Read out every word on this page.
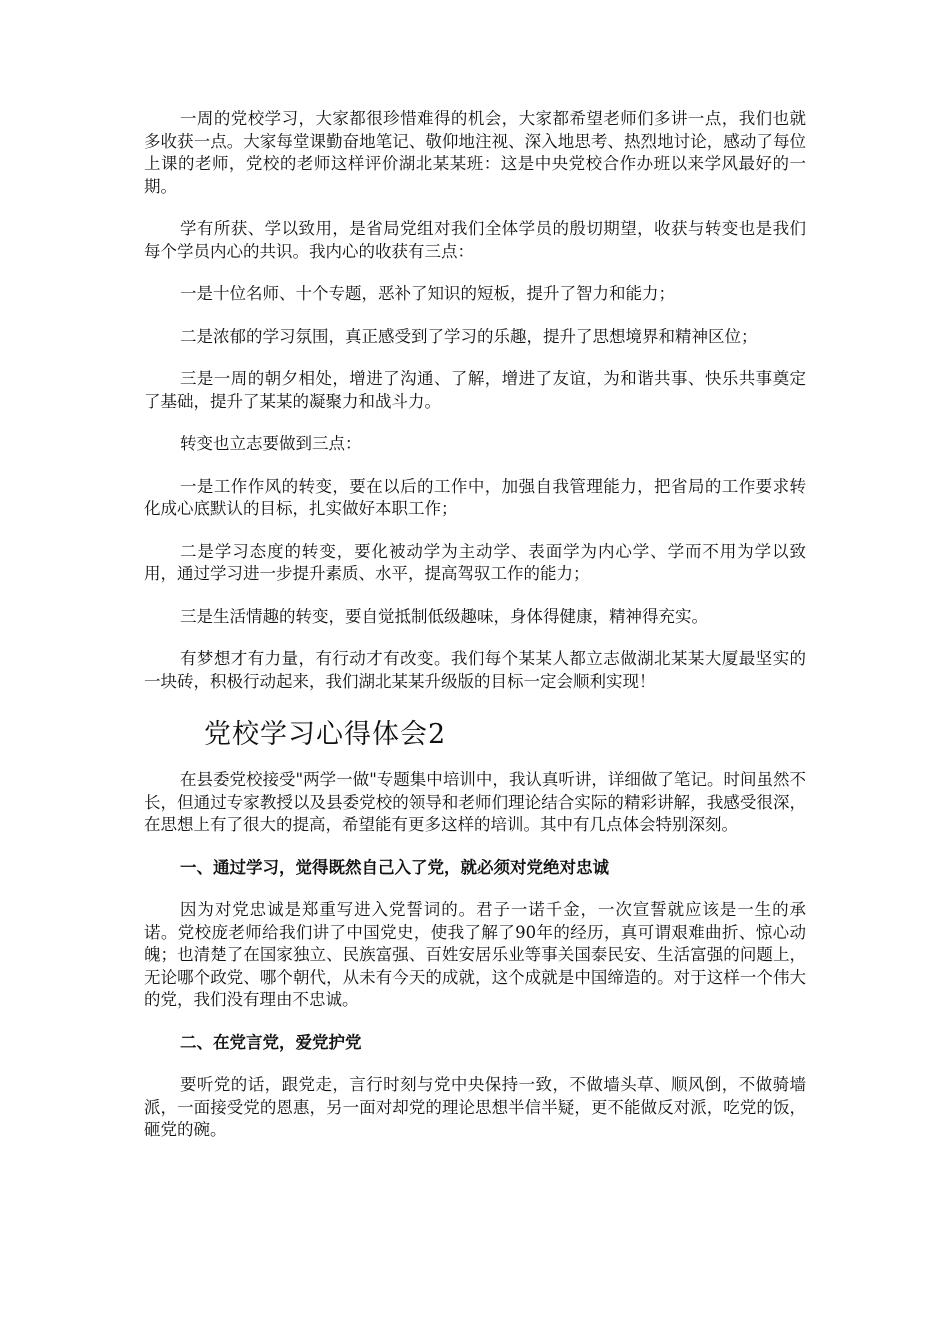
一周的党校学习，大家都很珍惜难得的机会，大家都希望老师们多讲一点，我们也就多收获一点。大家每堂课勤奋地笔记、敬仰地注视、深入地思考、热烈地讨论，感动了每位上课的老师，党校的老师这样评价湖北某某班：这是中央党校合作办班以来学风最好的一期。

学有所获、学以致用，是省局党组对我们全体学员的殷切期望，收获与转变也是我们每个学员内心的共识。我内心的收获有三点：

一是十位名师、十个专题，恶补了知识的短板，提升了智力和能力；

二是浓郁的学习氛围，真正感受到了学习的乐趣，提升了思想境界和精神区位；

三是一周的朝夕相处，增进了沟通、了解，增进了友谊，为和谐共事、快乐共事奠定了基础，提升了某某的凝聚力和战斗力。

转变也立志要做到三点：

一是工作作风的转变，要在以后的工作中，加强自我管理能力，把省局的工作要求转化成心底默认的目标，扎实做好本职工作；

二是学习态度的转变，要化被动学为主动学、表面学为内心学、学而不用为学以致用，通过学习进一步提升素质、水平，提高驾驭工作的能力；

三是生活情趣的转变，要自觉抵制低级趣味，身体得健康，精神得充实。

有梦想才有力量，有行动才有改变。我们每个某某人都立志做湖北某某大厦最坚实的一块砖，积极行动起来，我们湖北某某升级版的目标一定会顺利实现！

党校学习心得体会2

在县委党校接受"两学一做"专题集中培训中，我认真听讲，详细做了笔记。时间虽然不长，但通过专家教授以及县委党校的领导和老师们理论结合实际的精彩讲解，我感受很深，在思想上有了很大的提高，希望能有更多这样的培训。其中有几点体会特别深刻。

一、通过学习，觉得既然自己入了党，就必须对党绝对忠诚

因为对党忠诚是郑重写进入党誓词的。君子一诺千金，一次宣誓就应该是一生的承诺。党校庞老师给我们讲了中国党史，使我了解了90年的经历，真可谓艰难曲折、惊心动魄；也清楚了在国家独立、民族富强、百姓安居乐业等事关国泰民安、生活富强的问题上，无论哪个政党、哪个朝代，从未有今天的成就，这个成就是中国缔造的。对于这样一个伟大的党，我们没有理由不忠诚。

二、在党言党，爱党护党

要听党的话，跟党走，言行时刻与党中央保持一致，不做墙头草、顺风倒，不做骑墙派，一面接受党的恩惠，另一面对却党的理论思想半信半疑，更不能做反对派，吃党的饭，砸党的碗。
